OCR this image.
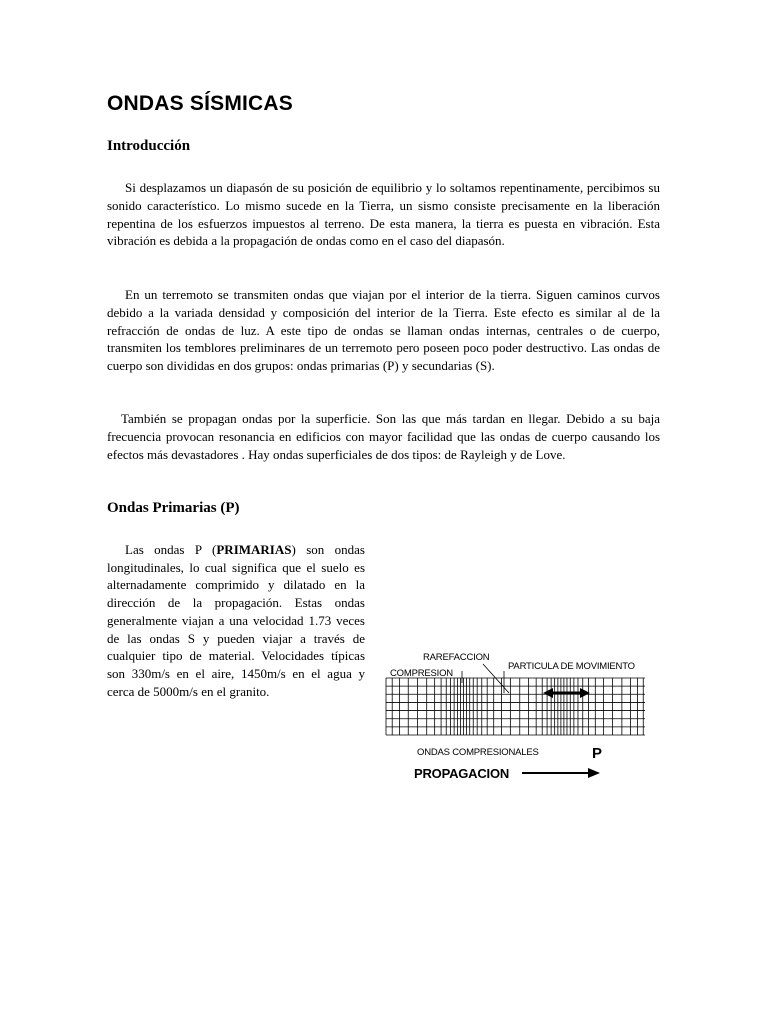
ONDAS SÍSMICAS
Introducción

Si desplazamos un diapasón de su posición de equilibrio y lo soltamos repentinamente, percibimos su sonido característico. Lo mismo sucede en la Tierra, un sismo consiste precisamente en la liberación repentina de los esfuerzos impuestos al terreno. De esta manera, la tierra es puesta en vibración. Esta vibración es debida a la propagación de ondas como en el caso del diapasón.

En un terremoto se transmiten ondas que viajan por el interior de la tierra. Siguen caminos curvos debido a la variada densidad y composición del interior de la Tierra. Este efecto es similar al de la refracción de ondas de luz. A este tipo de ondas se llaman ondas internas, centrales o de cuerpo, transmiten los temblores preliminares de un terremoto pero poseen poco poder destructivo. Las ondas de cuerpo son divididas en dos grupos: ondas primarias (P) y secundarias (S).

También se propagan ondas por la superficie. Son las que más tardan en llegar. Debido a su baja frecuencia provocan resonancia en edificios con mayor facilidad que las ondas de cuerpo causando los efectos más devastadores . Hay ondas superficiales de dos tipos: de Rayleigh y de Love.

Ondas Primarias (P)

Las ondas P (PRIMARIAS) son ondas longitudinales, lo cual significa que el suelo es alternadamente comprimido y dilatado en la dirección de la propagación. Estas ondas generalmente viajan a una velocidad 1.73 veces de las ondas S y pueden viajar a través de cualquier tipo de material. Velocidades típicas son 330m/s en el aire, 1450m/s en el agua y cerca de 5000m/s en el granito.

RAREFACCION
COMPRESION
PARTICULA DE MOVIMIENTO
ONDAS COMPRESIONALES	P
PROPAGACION
